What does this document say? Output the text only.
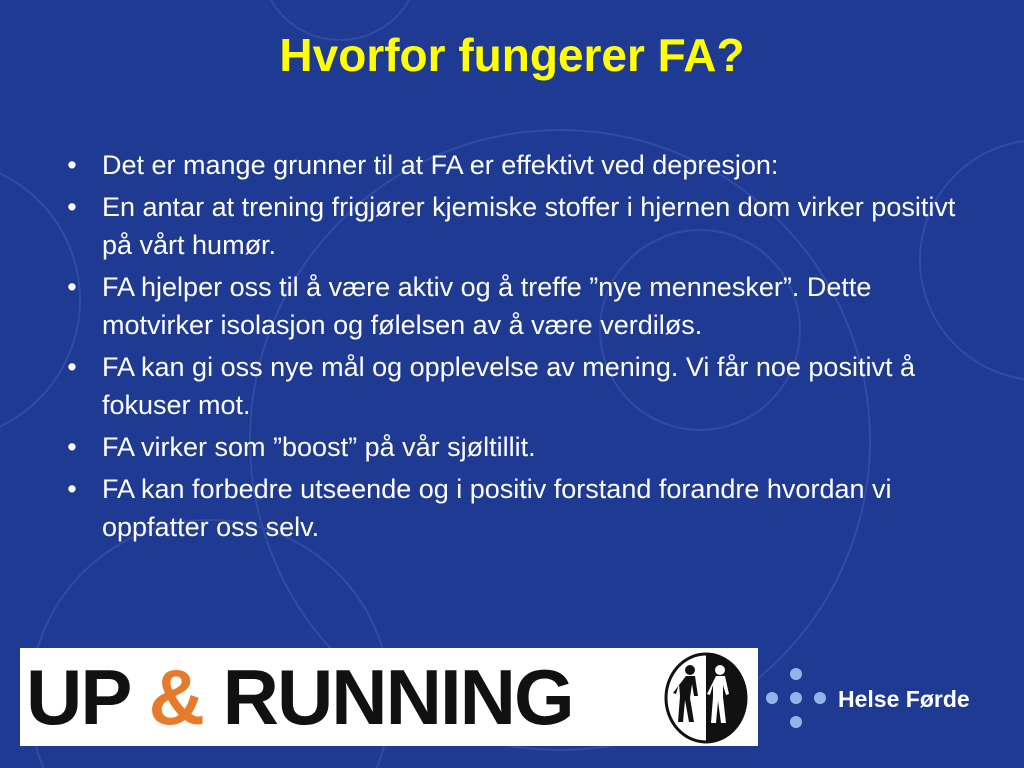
Hvorfor fungerer FA?
• Det er mange grunner til at FA er effektivt ved depresjon:
• En antar at trening frigjører kjemiske stoffer i hjernen dom virker positivt på vårt humør.
• FA hjelper oss til å være aktiv og å treffe ”nye mennesker”. Dette motvirker isolasjon og følelsen av å være verdiløs.
• FA kan gi oss nye mål og opplevelse av mening. Vi får noe positivt å fokuser mot.
• FA virker som ”boost” på vår sjøltillit.
• FA kan forbedre utseende og i positiv forstand forandre hvordan vi oppfatter oss selv.
UP & RUNNING	Helse Førde
